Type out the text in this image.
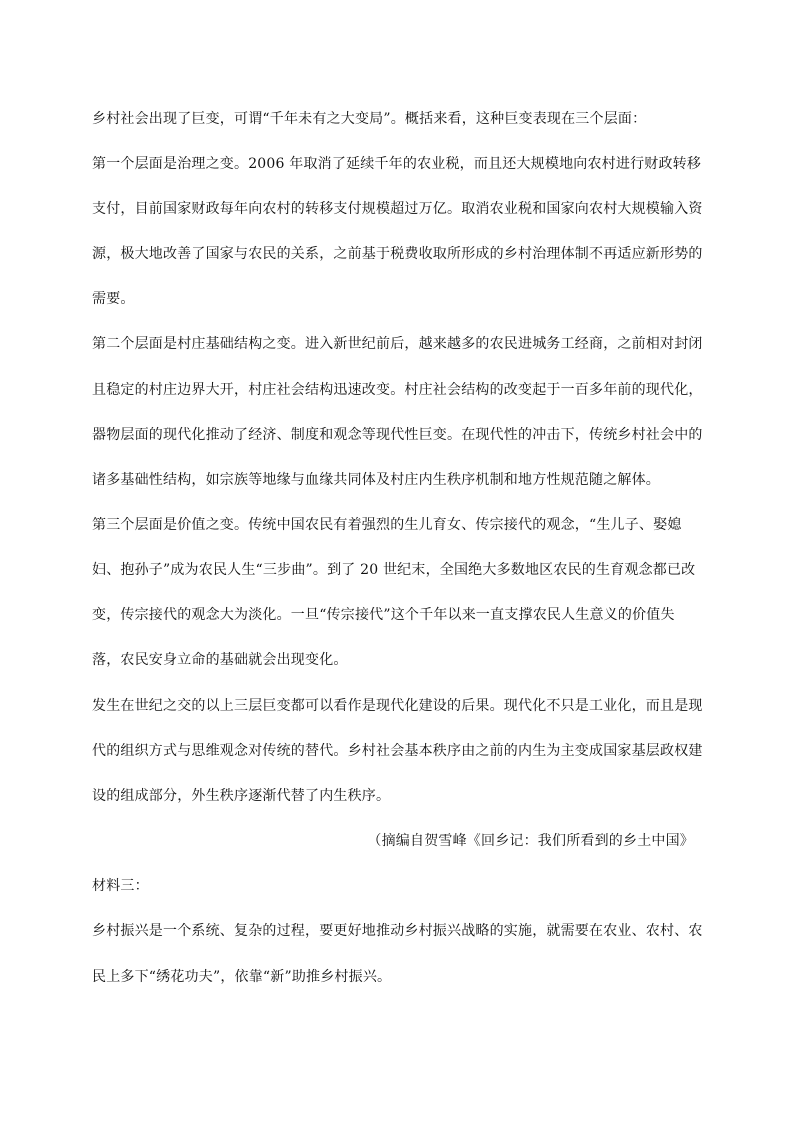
乡村社会出现了巨变，可谓“千年未有之大变局”。概括来看，这种巨变表现在三个层面：
第一个层面是治理之变。2006 年取消了延续千年的农业税，而且还大规模地向农村进行财政转移
支付，目前国家财政每年向农村的转移支付规模超过万亿。取消农业税和国家向农村大规模输入资
源，极大地改善了国家与农民的关系，之前基于税费收取所形成的乡村治理体制不再适应新形势的
需要。
第二个层面是村庄基础结构之变。进入新世纪前后，越来越多的农民进城务工经商，之前相对封闭
且稳定的村庄边界大开，村庄社会结构迅速改变。村庄社会结构的改变起于一百多年前的现代化，
器物层面的现代化推动了经济、制度和观念等现代性巨变。在现代性的冲击下，传统乡村社会中的
诸多基础性结构，如宗族等地缘与血缘共同体及村庄内生秩序机制和地方性规范随之解体。
第三个层面是价值之变。传统中国农民有着强烈的生儿育女、传宗接代的观念，“生儿子、娶媳
妇、抱孙子”成为农民人生“三步曲”。到了 20 世纪末，全国绝大多数地区农民的生育观念都已改
变，传宗接代的观念大为淡化。一旦“传宗接代”这个千年以来一直支撑农民人生意义的价值失
落，农民安身立命的基础就会出现变化。
发生在世纪之交的以上三层巨变都可以看作是现代化建设的后果。现代化不只是工业化，而且是现
代的组织方式与思维观念对传统的替代。乡村社会基本秩序由之前的内生为主变成国家基层政权建
设的组成部分，外生秩序逐渐代替了内生秩序。
（摘编自贺雪峰《回乡记：我们所看到的乡土中国》
材料三：
乡村振兴是一个系统、复杂的过程，要更好地推动乡村振兴战略的实施，就需要在农业、农村、农
民上多下“绣花功夫”，依靠“新”助推乡村振兴。
